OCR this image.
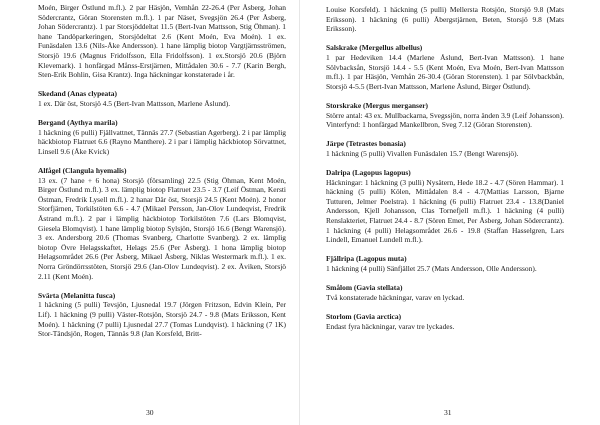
Moén, Birger Östlund m.fl.). 2 par Häsjön, Vemhån 22-26.4 (Per Åsberg, Johan Södercrantz, Göran Storensten m.fl.). 1 par Näset, Svegsjön 26.4 (Per Åsberg, Johan Södercrantz). 1 par Storsjöddeltat 11.5 (Bert-Ivan Mattsson, Stig Öhman). 1 hane Tandöparkeringen, Storsjödeltat 2.6 (Kent Moén, Eva Moén). 1 ex. Funäsdalen 13.6 (Nils-Åke Andersson). 1 hane lämplig biotop Vargtjärnsströmen, Storsjö 19.6 (Magnus Fridolfsson, Ella Fridolfsson). 1 ex.Storsjö 20.6 (Björn Klevemark). 1 honfärgad Månss-Erstjärnen, Mittådalen 30.6 - 7.7 (Karin Bergh, Sten-Erik Bohlin, Gisa Krantz). Inga häckningar konstaterade i år.

Skedand (Anas clypeata)

1 ex. Där öst, Storsjö 4.5 (Bert-Ivan Mattsson, Marlene Åslund).

Bergand (Aythya marila)

1 häckning (6 pulli) Fjällvattnet, Tännäs 27.7 (Sebastian Agerberg). 2 i par lämplig häckbiotop Flatruet 6.6 (Rayno Manthere). 2 i par i lämplig häckbiotop Sörvattnet, Linsell 9.6 (Åke Kvick)

Alfågel (Clangula hyemalis)

13 ex. (7 hane + 6 hona) Storsjö (församling) 22.5 (Stig Öhman, Kent Moén, Birger Östlund m.fl.). 3 ex. lämplig biotop Flatruet 23.5 - 3.7 (Leif Östman, Kersti Östman, Fredrik Lysell m.fl.). 2 hanar Där öst, Storsjö 24.5 (Kent Moén). 2 honor Storfjärnen, Torkilstöten 6.6 - 4.7 (Mikael Persson, Jan-Olov Lundeqvist, Fredrik Åstrand m.fl.). 2 par i lämplig häckbiotop Torkilstöten 7.6 (Lars Blomqvist, Giesela Blomqvist). 1 hane lämplig biotop Sylsjön, Storsjö 16.6 (Bengt Warensjö). 3 ex. Andersborg 20.6 (Thomas Svanberg, Charlotte Svanberg). 2 ex. lämplig biotop Övre Helagsskaftet, Helags 25.6 (Per Åsberg). 1 hona lämplig biotop Helagsområdet 26.6 (Per Åsberg, Mikael Åsberg, Niklas Westermark m.fl.). 1 ex. Norra Gröndörrsstöten, Storsjö 29.6 (Jan-Olov Lundeqvist). 2 ex. Åviken, Storsjö 2.11 (Kent Moén).

Svärta (Melanitta fusca)

1 häckning (5 pulli) Tevsjön, Ljusnedal 19.7 (Jörgen Fritzson, Edvin Klein, Per Lif). 1 häckning (9 pulli) Väster-Rotsjön, Storsjö 24.7 - 9.8 (Mats Eriksson, Kent Moén). 1 häckning (7 pulli) Ljusnedal 27.7 (Tomas Lundqvist). 1 häckning (7 1K) Stor-Tändsjön, Rogen, Tännäs 9.8 (Jan Korsfeld, Britt-

Louise Korsfeld). 1 häckning (5 pulli) Mellersta Rotsjön, Storsjö 9.8 (Mats Eriksson). 1 häckning (6 pulli) Åbergstjärnen, Beten, Storsjö 9.8 (Mats Eriksson).

Salskrake (Mergellus albellus)

1 par Hedeviken 14.4 (Marlene Åslund, Bert-Ivan Mattsson). 1 hane Sölvbacksån, Storsjö 14.4 - 5.5 (Kent Moén, Eva Moén, Bert-Ivan Mattsson m.fl.). 1 par Häsjön, Vemhån 26-30.4 (Göran Storensten). 1 par Sölvbackbån, Storsjö 4-5.5 (Bert-Ivan Mattsson, Marlene Åslund, Birger Östlund).

Storskrake (Mergus merganser)

Större antal: 43 ex. Mullbackarna, Svegssjön, norra änden 3.9 (Leif Johansson). Vinterfynd: 1 honfärgad Mankellbron, Sveg 7.12 (Göran Storensten).

Järpe (Tetrastes bonasia)

1 häckning (5 pulli) Vivallen Funäsdalen 15.7 (Bengt Warensjö).

Dalripa (Lagopus lagopus)

Häckningar: 1 häckning (3 pulli) Nysätern, Hede 18.2 - 4.7 (Sören Hammar). 1 häckning (5 pulli) Kölen, Mittådalen 8.4 - 4.7(Mattias Larsson, Bjarne Tutturen, Jelmer Poelstra). 1 häckning (6 pulli) Flatruet 23.4 - 13.8(Daniel Andersson, Kjell Johansson, Clas Tornefjell m.fl.). 1 häckning (4 pulli) Renslakteriet, Flatruet 24.4 - 8.7 (Sören Emet, Per Åsberg, Johan Södercrantz). 1 häckning (4 pulli) Helagsområdet 26.6 - 19.8 (Staffan Hasselgren, Lars Lindell, Emanuel Lundell m.fl.).

Fjällripa (Lagopus muta)

1 häckning (4 pulli) Sänfjället 25.7 (Mats Andersson, Olle Andersson).

Smålom (Gavia stellata)

Två konstaterade häckningar, varav en lyckad.

Storlom (Gavia arctica)

Endast fyra häckningar, varav tre lyckades.

30	31
